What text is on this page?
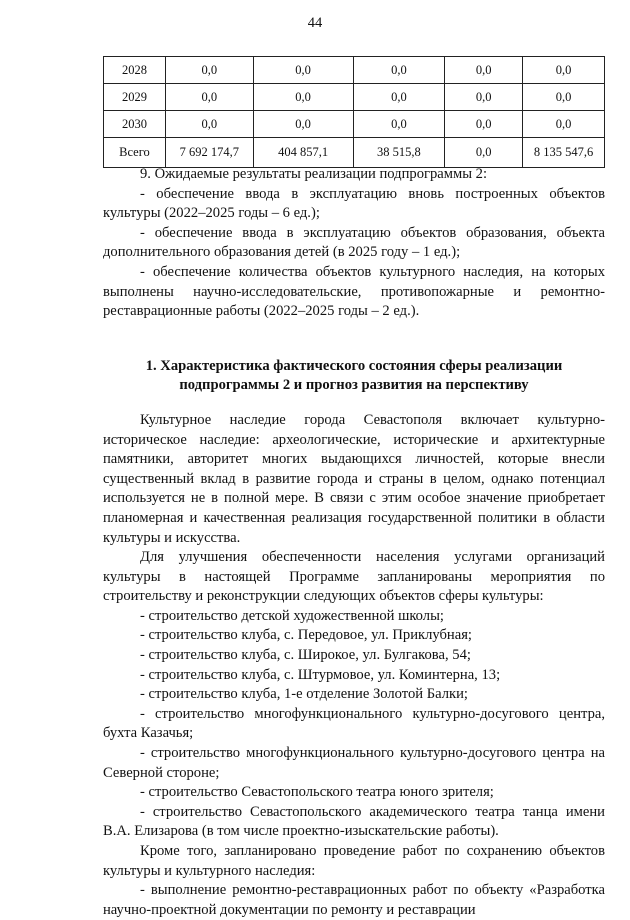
44
2028	0,0	0,0	0,0	0,0	0,0
2029	0,0	0,0	0,0	0,0	0,0
2030	0,0	0,0	0,0	0,0	0,0
Всего	7 692 174,7	404 857,1	38 515,8	0,0	8 135 547,6

9. Ожидаемые результаты реализации подпрограммы 2:

- обеспечение ввода в эксплуатацию вновь построенных объектов культуры (2022–2025 годы – 6 ед.);

- обеспечение ввода в эксплуатацию объектов образования, объекта дополнительного образования детей (в 2025 году – 1 ед.);

- обеспечение количества объектов культурного наследия, на которых выполнены научно-исследовательские, противопожарные и ремонтно-реставрационные работы (2022–2025 годы – 2 ед.).

1. Характеристика фактического состояния сферы реализации
подпрограммы 2 и прогноз развития на перспективу

Культурное наследие города Севастополя включает культурно-историческое наследие: археологические, исторические и архитектурные памятники, авторитет многих выдающихся личностей, которые внесли существенный вклад в развитие города и страны в целом, однако потенциал используется не в полной мере. В связи с этим особое значение приобретает планомерная и качественная реализация государственной политики в области культуры и искусства.

Для улучшения обеспеченности населения услугами организаций культуры в настоящей Программе запланированы мероприятия по строительству и реконструкции следующих объектов сферы культуры:

- строительство детской художественной школы;

- строительство клуба, с. Передовое, ул. Приклубная;

- строительство клуба, с. Широкое, ул. Булгакова, 54;

- строительство клуба, с. Штурмовое, ул. Коминтерна, 13;

- строительство клуба, 1-е отделение Золотой Балки;

- строительство многофункционального культурно-досугового центра, бухта Казачья;

- строительство многофункционального культурно-досугового центра на Северной стороне;

- строительство Севастопольского театра юного зрителя;

- строительство Севастопольского академического театра танца имени В.А. Елизарова (в том числе проектно-изыскательские работы).

Кроме того, запланировано проведение работ по сохранению объектов культуры и культурного наследия:

- выполнение ремонтно-реставрационных работ по объекту «Разработка научно-проектной документации по ремонту и реставрации
